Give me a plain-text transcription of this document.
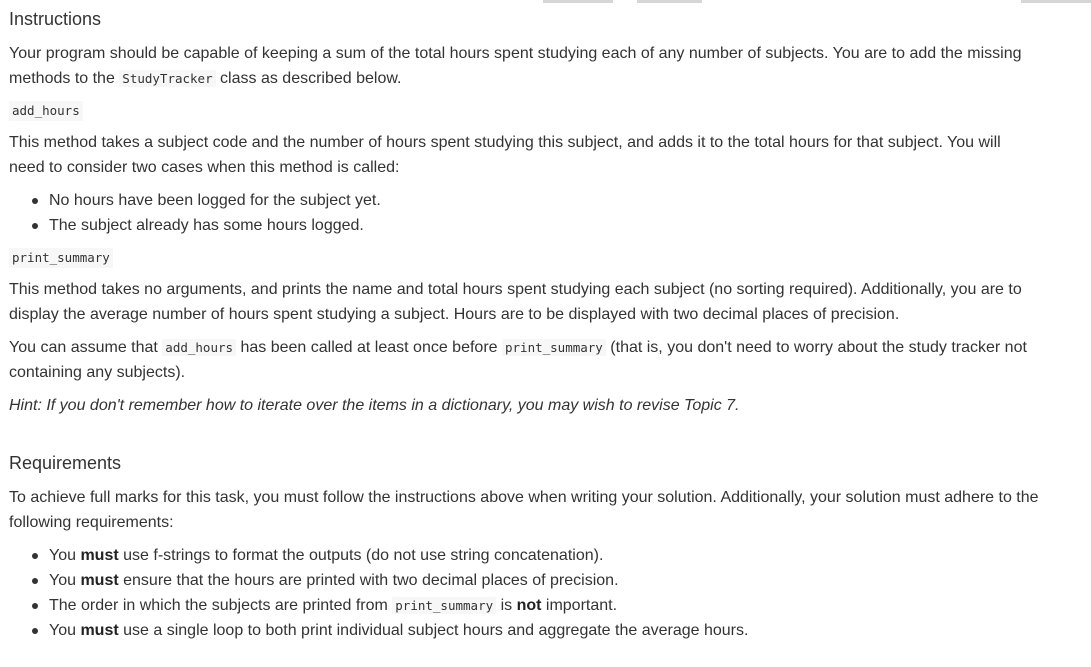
Instructions

Your program should be capable of keeping a sum of the total hours spent studying each of any number of subjects. You are to add the missing methods to the StudyTracker class as described below.

add_hours

This method takes a subject code and the number of hours spent studying this subject, and adds it to the total hours for that subject. You will need to consider two cases when this method is called:

No hours have been logged for the subject yet.
The subject already has some hours logged.
print_summary

This method takes no arguments, and prints the name and total hours spent studying each subject (no sorting required). Additionally, you are to display the average number of hours spent studying a subject. Hours are to be displayed with two decimal places of precision.

You can assume that add_hours has been called at least once before print_summary (that is, you don't need to worry about the study tracker not containing any subjects).

Hint: If you don't remember how to iterate over the items in a dictionary, you may wish to revise Topic 7.

Requirements

To achieve full marks for this task, you must follow the instructions above when writing your solution. Additionally, your solution must adhere to the following requirements:

You must use f-strings to format the outputs (do not use string concatenation).
You must ensure that the hours are printed with two decimal places of precision.
The order in which the subjects are printed from print_summary is not important.
You must use a single loop to both print individual subject hours and aggregate the average hours.
